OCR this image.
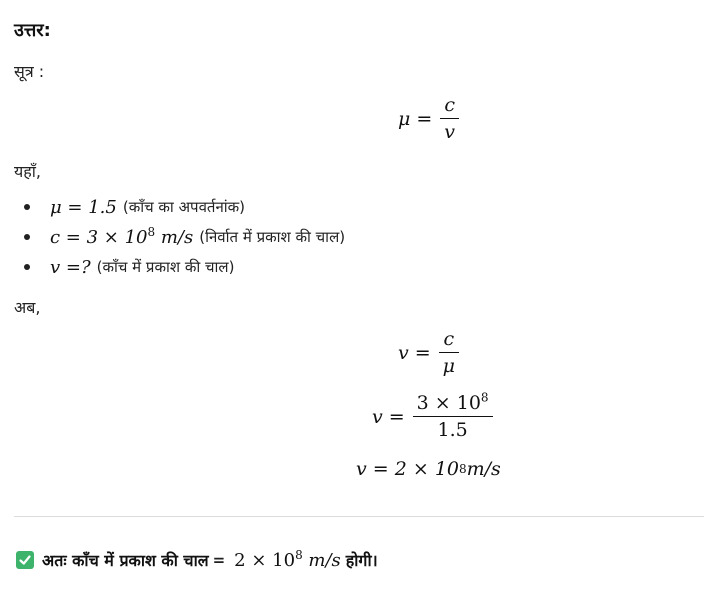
उत्तर:
सूत्र :
$\mu = \frac{c}{v}$
यहाँ,
μ = 1.5 (काँच का अपवर्तनांक)
$c = 3 \times 10^8$ m/s (निर्वात में प्रकाश की चाल)
v =? (काँच में प्रकाश की चाल)
अब,
$v = \frac{c}{\mu}$
$v = \frac{3 \times 10^8}{1.5}$
v = 2 × 10 8 m/s
अतः काँच में प्रकाश की चाल = $2 \times 10^8$ m/s होगी।
